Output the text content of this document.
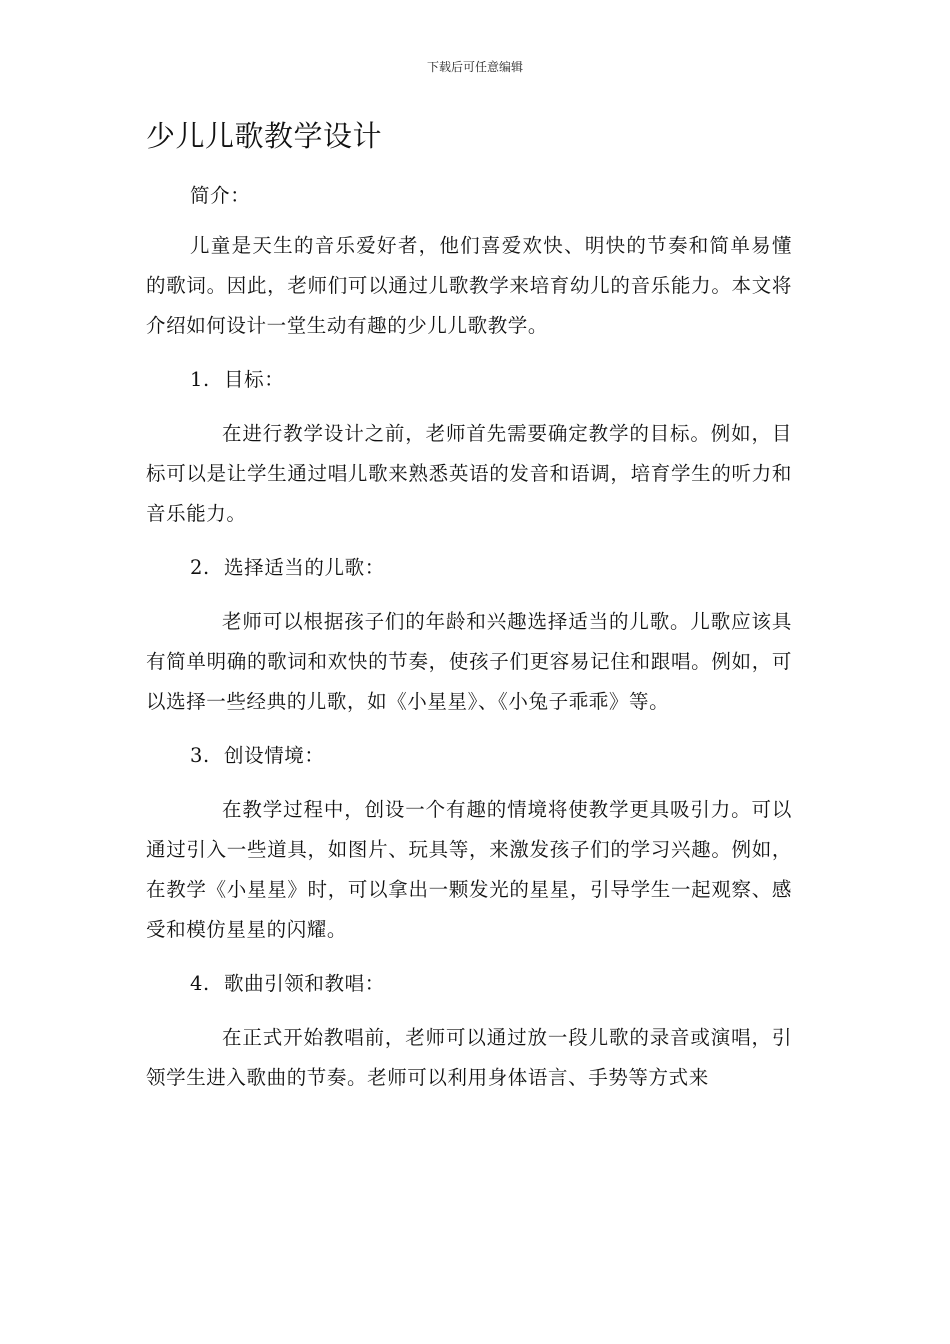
下载后可任意编辑
少儿儿歌教学设计

简介：

儿童是天生的音乐爱好者，他们喜爱欢快、明快的节奏和简单易懂的歌词。因此，老师们可以通过儿歌教学来培育幼儿的音乐能力。本文将介绍如何设计一堂生动有趣的少儿儿歌教学。

1. 目标：

在进行教学设计之前，老师首先需要确定教学的目标。例如，目标可以是让学生通过唱儿歌来熟悉英语的发音和语调，培育学生的听力和音乐能力。

2. 选择适当的儿歌：

老师可以根据孩子们的年龄和兴趣选择适当的儿歌。儿歌应该具有简单明确的歌词和欢快的节奏，使孩子们更容易记住和跟唱。例如，可以选择一些经典的儿歌，如《小星星》、《小兔子乖乖》等。

3. 创设情境：

在教学过程中，创设一个有趣的情境将使教学更具吸引力。可以通过引入一些道具，如图片、玩具等，来激发孩子们的学习兴趣。例如，在教学《小星星》时，可以拿出一颗发光的星星，引导学生一起观察、感受和模仿星星的闪耀。

4. 歌曲引领和教唱：

在正式开始教唱前，老师可以通过放一段儿歌的录音或演唱，引领学生进入歌曲的节奏。老师可以利用身体语言、手势等方式来
